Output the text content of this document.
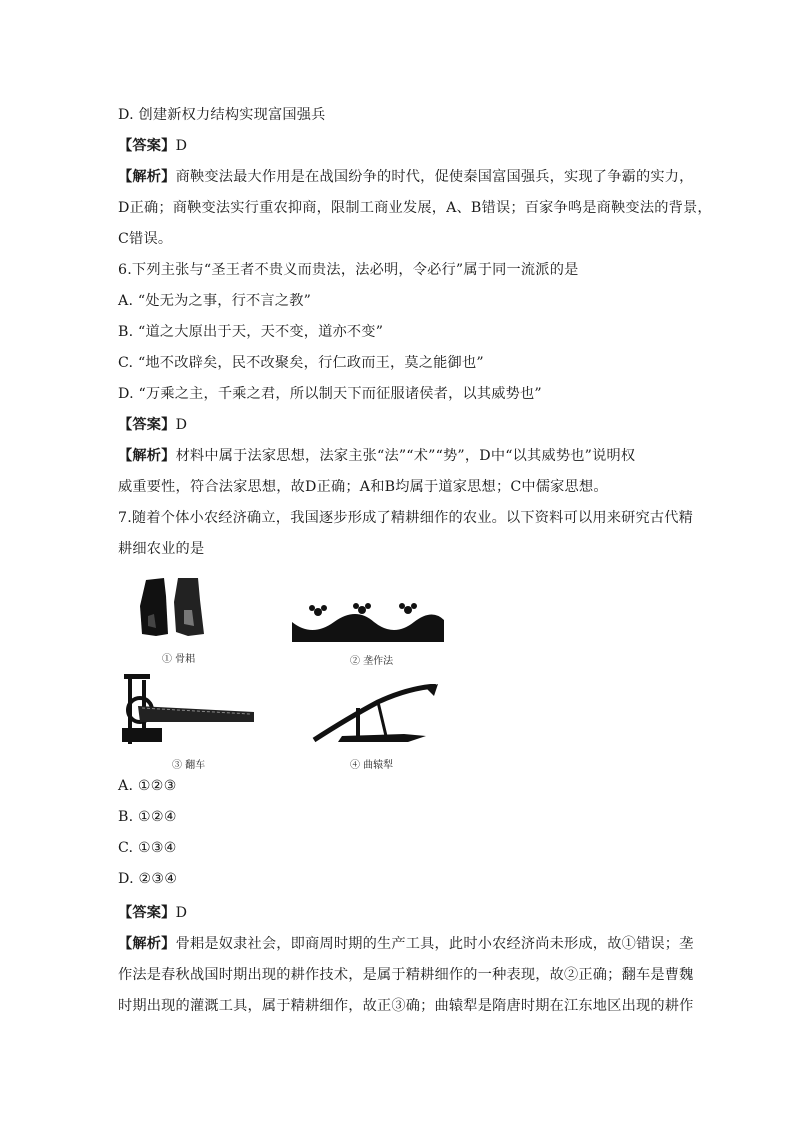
D. 创建新权力结构实现富国强兵
【答案】D
【解析】商鞅变法最大作用是在战国纷争的时代，促使秦国富国强兵，实现了争霸的实力，
D正确；商鞅变法实行重农抑商，限制工商业发展，A、B错误；百家争鸣是商鞅变法的背景，
C错误。
6.下列主张与“圣王者不贵义而贵法，法必明，令必行”属于同一流派的是
A. “处无为之事，行不言之教”
B. “道之大原出于天，天不变，道亦不变”
C. “地不改辟矣，民不改聚矣，行仁政而王，莫之能御也”
D. “万乘之主，千乘之君，所以制天下而征服诸侯者，以其威势也”
【答案】D
【解析】材料中属于法家思想，法家主张“法”“术”“势”，D中“以其威势也”说明权
威重要性，符合法家思想，故D正确；A和B均属于道家思想；C中儒家思想。
7.随着个体小农经济确立，我国逐步形成了精耕细作的农业。以下资料可以用来研究古代精
耕细农业的是
① 骨耜	② 垄作法
③ 翻车	④ 曲辕犁
A. ①②③
B. ①②④
C. ①③④
D. ②③④
【答案】D
【解析】骨耜是奴隶社会，即商周时期的生产工具，此时小农经济尚未形成，故①错误；垄
作法是春秋战国时期出现的耕作技术，是属于精耕细作的一种表现，故②正确；翻车是曹魏
时期出现的灌溉工具，属于精耕细作，故正③确；曲辕犁是隋唐时期在江东地区出现的耕作
